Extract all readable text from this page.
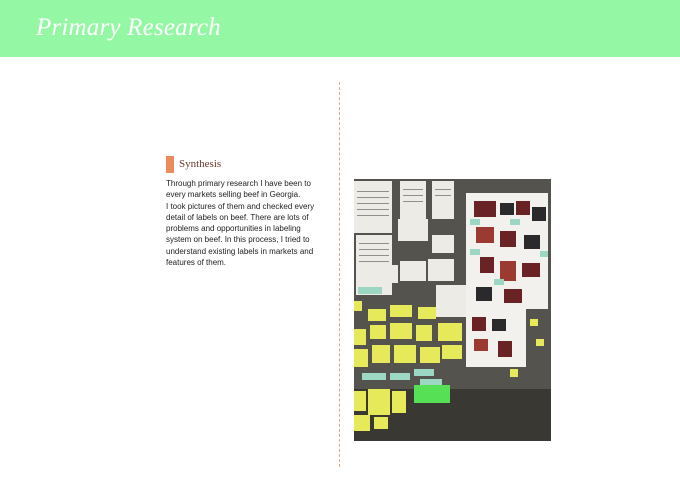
Primary Research
Synthesis
Through primary research I have been to
every markets selling beef in Georgia.
I took pictures of them and checked every
detail of labels on beef. There are lots of
problems and opportunities in labeling
system on beef. In this process, I tried to
understand existing labels in markets and
features of them.
